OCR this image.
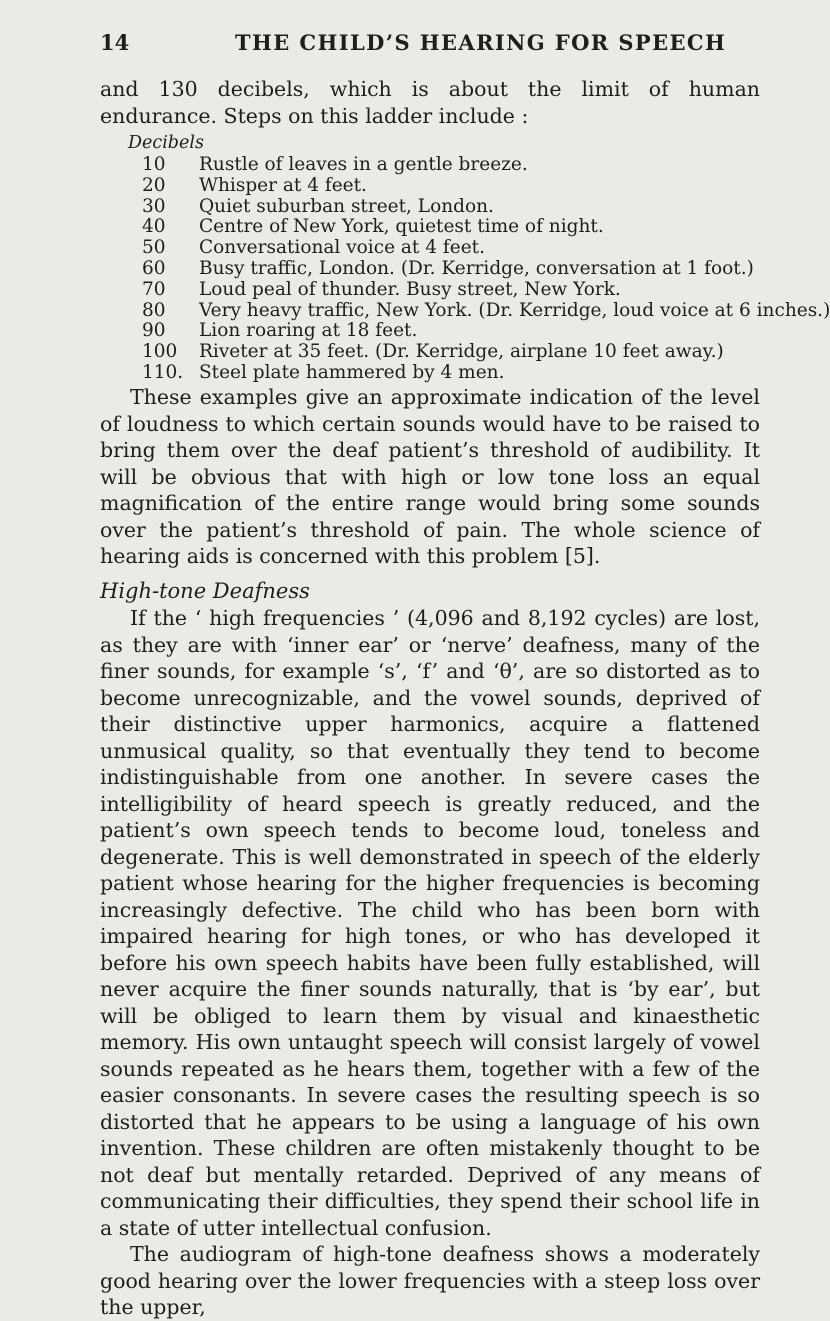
14	THE CHILD’S HEARING FOR SPEECH

and 130 decibels, which is about the limit of human endurance. Steps on this ladder include :

Decibels
10	Rustle of leaves in a gentle breeze.
20	Whisper at 4 feet.
30	Quiet suburban street, London.
40	Centre of New York, quietest time of night.
50	Conversational voice at 4 feet.
60	Busy traffic, London. (Dr. Kerridge, conversation at 1 foot.)
70	Loud peal of thunder. Busy street, New York.
80	Very heavy traffic, New York. (Dr. Kerridge, loud voice at 6 inches.)
90	Lion roaring at 18 feet.
100	Riveter at 35 feet. (Dr. Kerridge, airplane 10 feet away.)
110. Steel plate hammered by 4 men.

These examples give an approximate indication of the level of loudness to which certain sounds would have to be raised to bring them over the deaf patient’s threshold of audibility. It will be obvious that with high or low tone loss an equal magnification of the entire range would bring some sounds over the patient’s threshold of pain. The whole science of hearing aids is concerned with this problem [5].

High-tone Deafness

If the ‘ high frequencies ’ (4,096 and 8,192 cycles) are lost, as they are with ‘inner ear’ or ‘nerve’ deafness, many of the finer sounds, for example ‘s’, ‘f’ and ‘θ’, are so distorted as to become unrecognizable, and the vowel sounds, deprived of their distinctive upper harmonics, acquire a flattened unmusical quality, so that eventually they tend to become indistinguishable from one another. In severe cases the intelligibility of heard speech is greatly reduced, and the patient’s own speech tends to become loud, toneless and degenerate. This is well demonstrated in speech of the elderly patient whose hearing for the higher frequencies is becoming increasingly defective. The child who has been born with impaired hearing for high tones, or who has developed it before his own speech habits have been fully established, will never acquire the finer sounds naturally, that is ‘by ear’, but will be obliged to learn them by visual and kinaesthetic memory. His own untaught speech will consist largely of vowel sounds repeated as he hears them, together with a few of the easier consonants. In severe cases the resulting speech is so distorted that he appears to be using a language of his own invention. These children are often mistakenly thought to be not deaf but mentally retarded. Deprived of any means of communicating their difficulties, they spend their school life in a state of utter intellectual confusion.

The audiogram of high-tone deafness shows a moderately good hearing over the lower frequencies with a steep loss over the upper,
